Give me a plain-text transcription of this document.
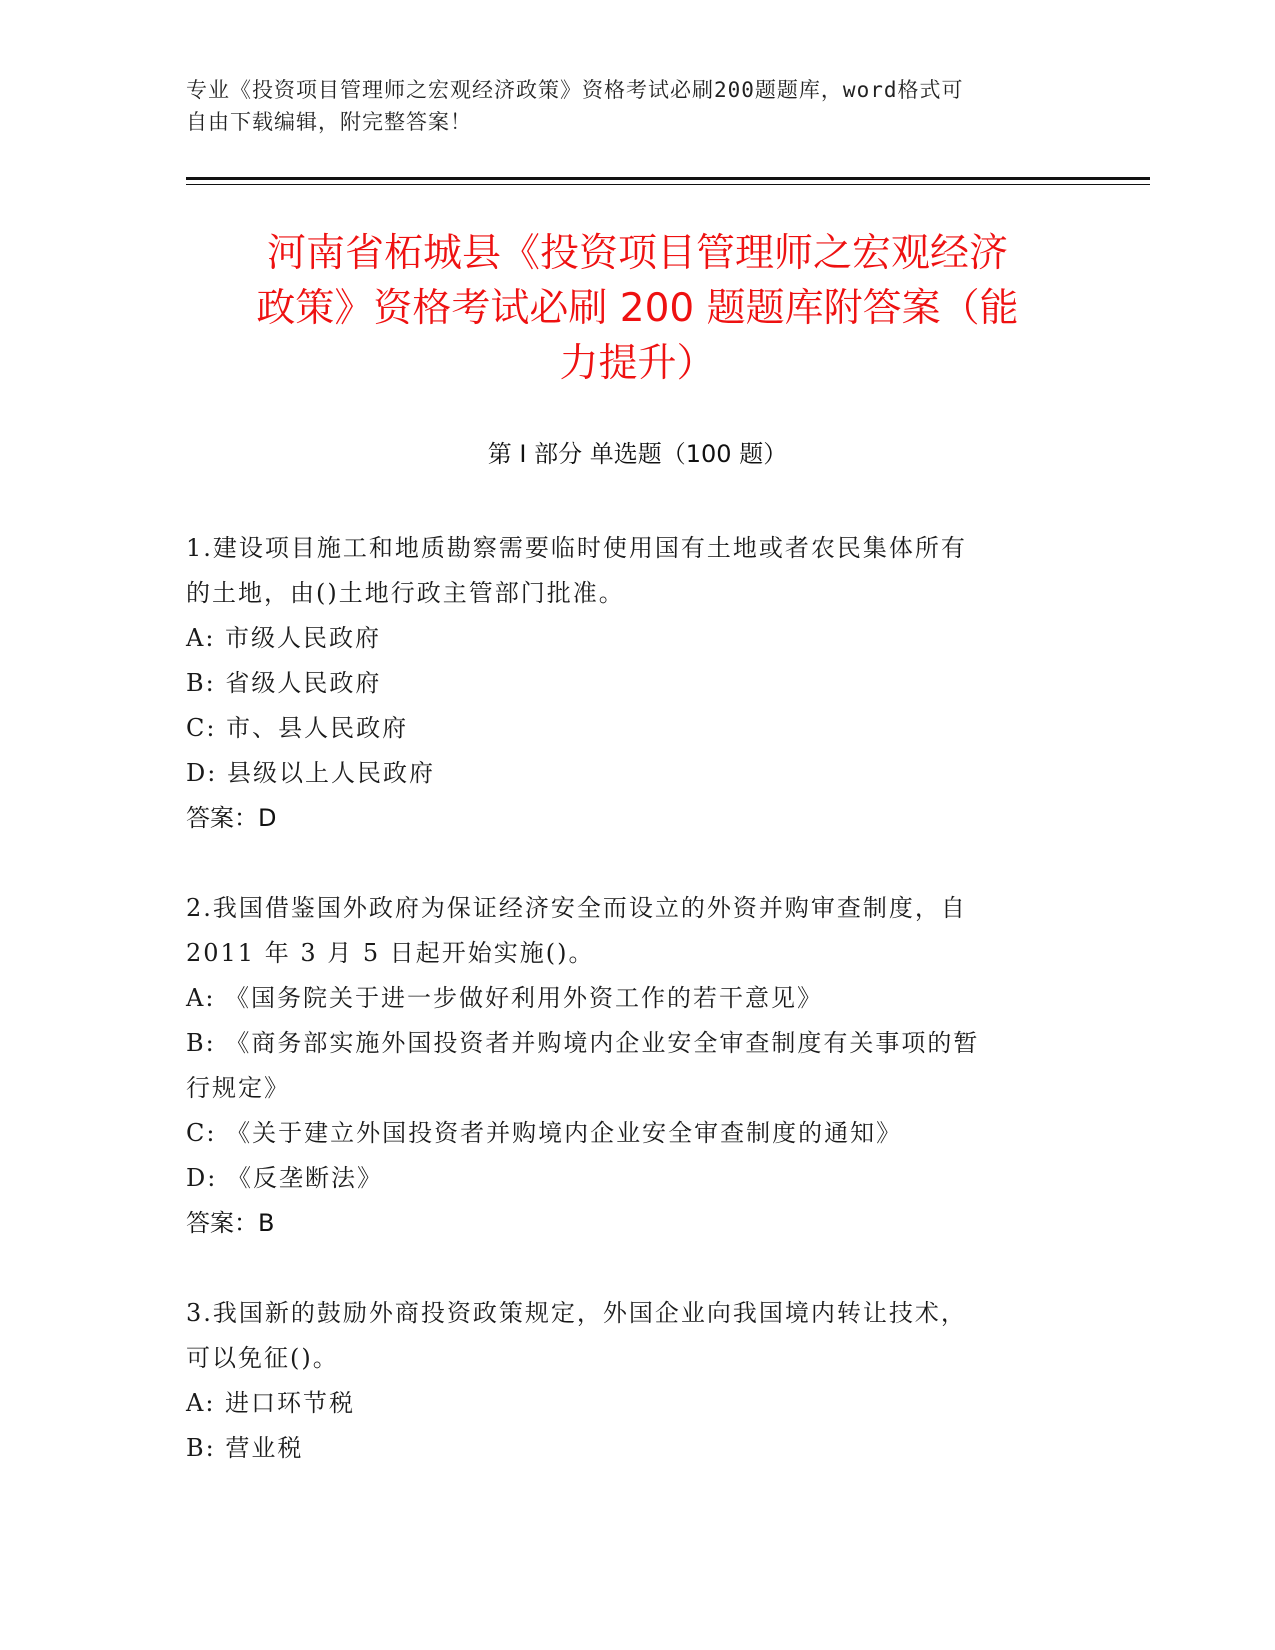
专业《投资项目管理师之宏观经济政策》资格考试必刷200题题库，word格式可
自由下载编辑，附完整答案！
河南省柘城县《投资项目管理师之宏观经济
政策》资格考试必刷 200 题题库附答案（能
力提升）
第 I 部分 单选题（100 题）

1.建设项目施工和地质勘察需要临时使用国有土地或者农民集体所有

的土地，由()土地行政主管部门批准。

A: 市级人民政府

B: 省级人民政府

C: 市、县人民政府

D: 县级以上人民政府

答案：D

2.我国借鉴国外政府为保证经济安全而设立的外资并购审查制度，自

2011 年 3 月 5 日起开始实施()。

A: 《国务院关于进一步做好利用外资工作的若干意见》

B: 《商务部实施外国投资者并购境内企业安全审查制度有关事项的暂

行规定》

C: 《关于建立外国投资者并购境内企业安全审查制度的通知》

D: 《反垄断法》

答案：B

3.我国新的鼓励外商投资政策规定，外国企业向我国境内转让技术，

可以免征()。

A: 进口环节税

B: 营业税
